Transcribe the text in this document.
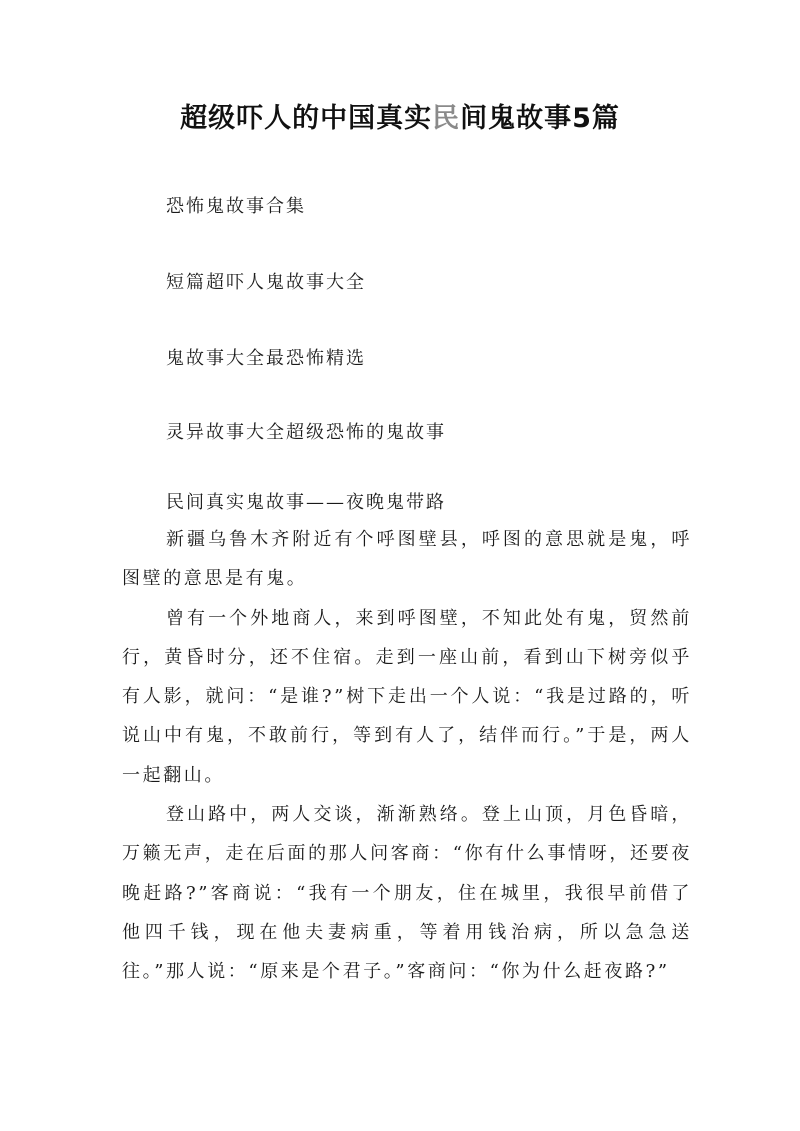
超级吓人的中国真实民间鬼故事5篇
恐怖鬼故事合集
短篇超吓人鬼故事大全
鬼故事大全最恐怖精选
灵异故事大全超级恐怖的鬼故事
民间真实鬼故事——夜晚鬼带路

新疆乌鲁木齐附近有个呼图壁县，呼图的意思就是鬼，呼图壁的意思是有鬼。

曾有一个外地商人，来到呼图壁，不知此处有鬼，贸然前行，黄昏时分，还不住宿。走到一座山前，看到山下树旁似乎有人影，就问：“是谁?”树下走出一个人说：“我是过路的，听说山中有鬼，不敢前行，等到有人了，结伴而行。”于是，两人一起翻山。

登山路中，两人交谈，渐渐熟络。登上山顶，月色昏暗，万籁无声，走在后面的那人问客商：“你有什么事情呀，还要夜晚赶路?”客商说：“我有一个朋友，住在城里，我很早前借了他四千钱，现在他夫妻病重，等着用钱治病，所以急急送往。”那人说：“原来是个君子。”客商问：“你为什么赶夜路?”
